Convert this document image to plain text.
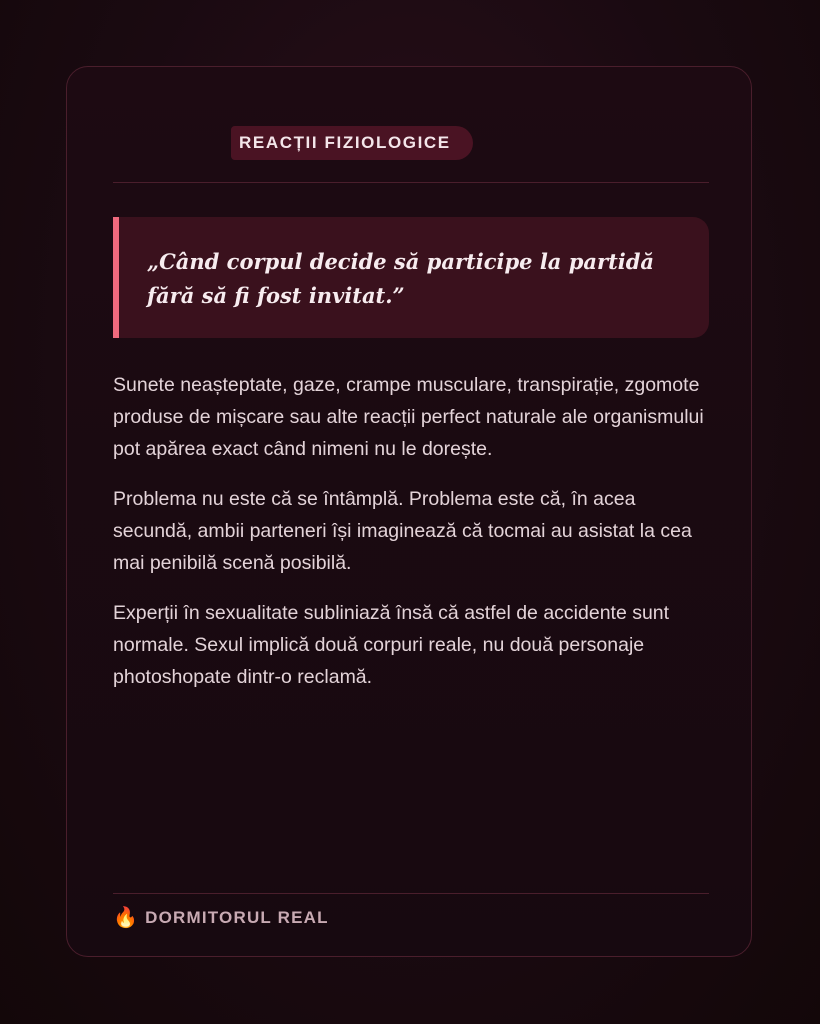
REACȚII FIZIOLOGICE

„Când corpul decide să participe la partidă fără să fi fost invitat.”

Sunete neașteptate, gaze, crampe musculare, transpirație, zgomote produse de mișcare sau alte reacții perfect naturale ale organismului pot apărea exact când nimeni nu le dorește.

Problema nu este că se întâmplă. Problema este că, în acea secundă, ambii parteneri își imaginează că tocmai au asistat la cea mai penibilă scenă posibilă.

Experții în sexualitate subliniază însă că astfel de accidente sunt normale. Sexul implică două corpuri reale, nu două personaje photoshopate dintr-o reclamă.

🔥 DORMITORUL REAL
